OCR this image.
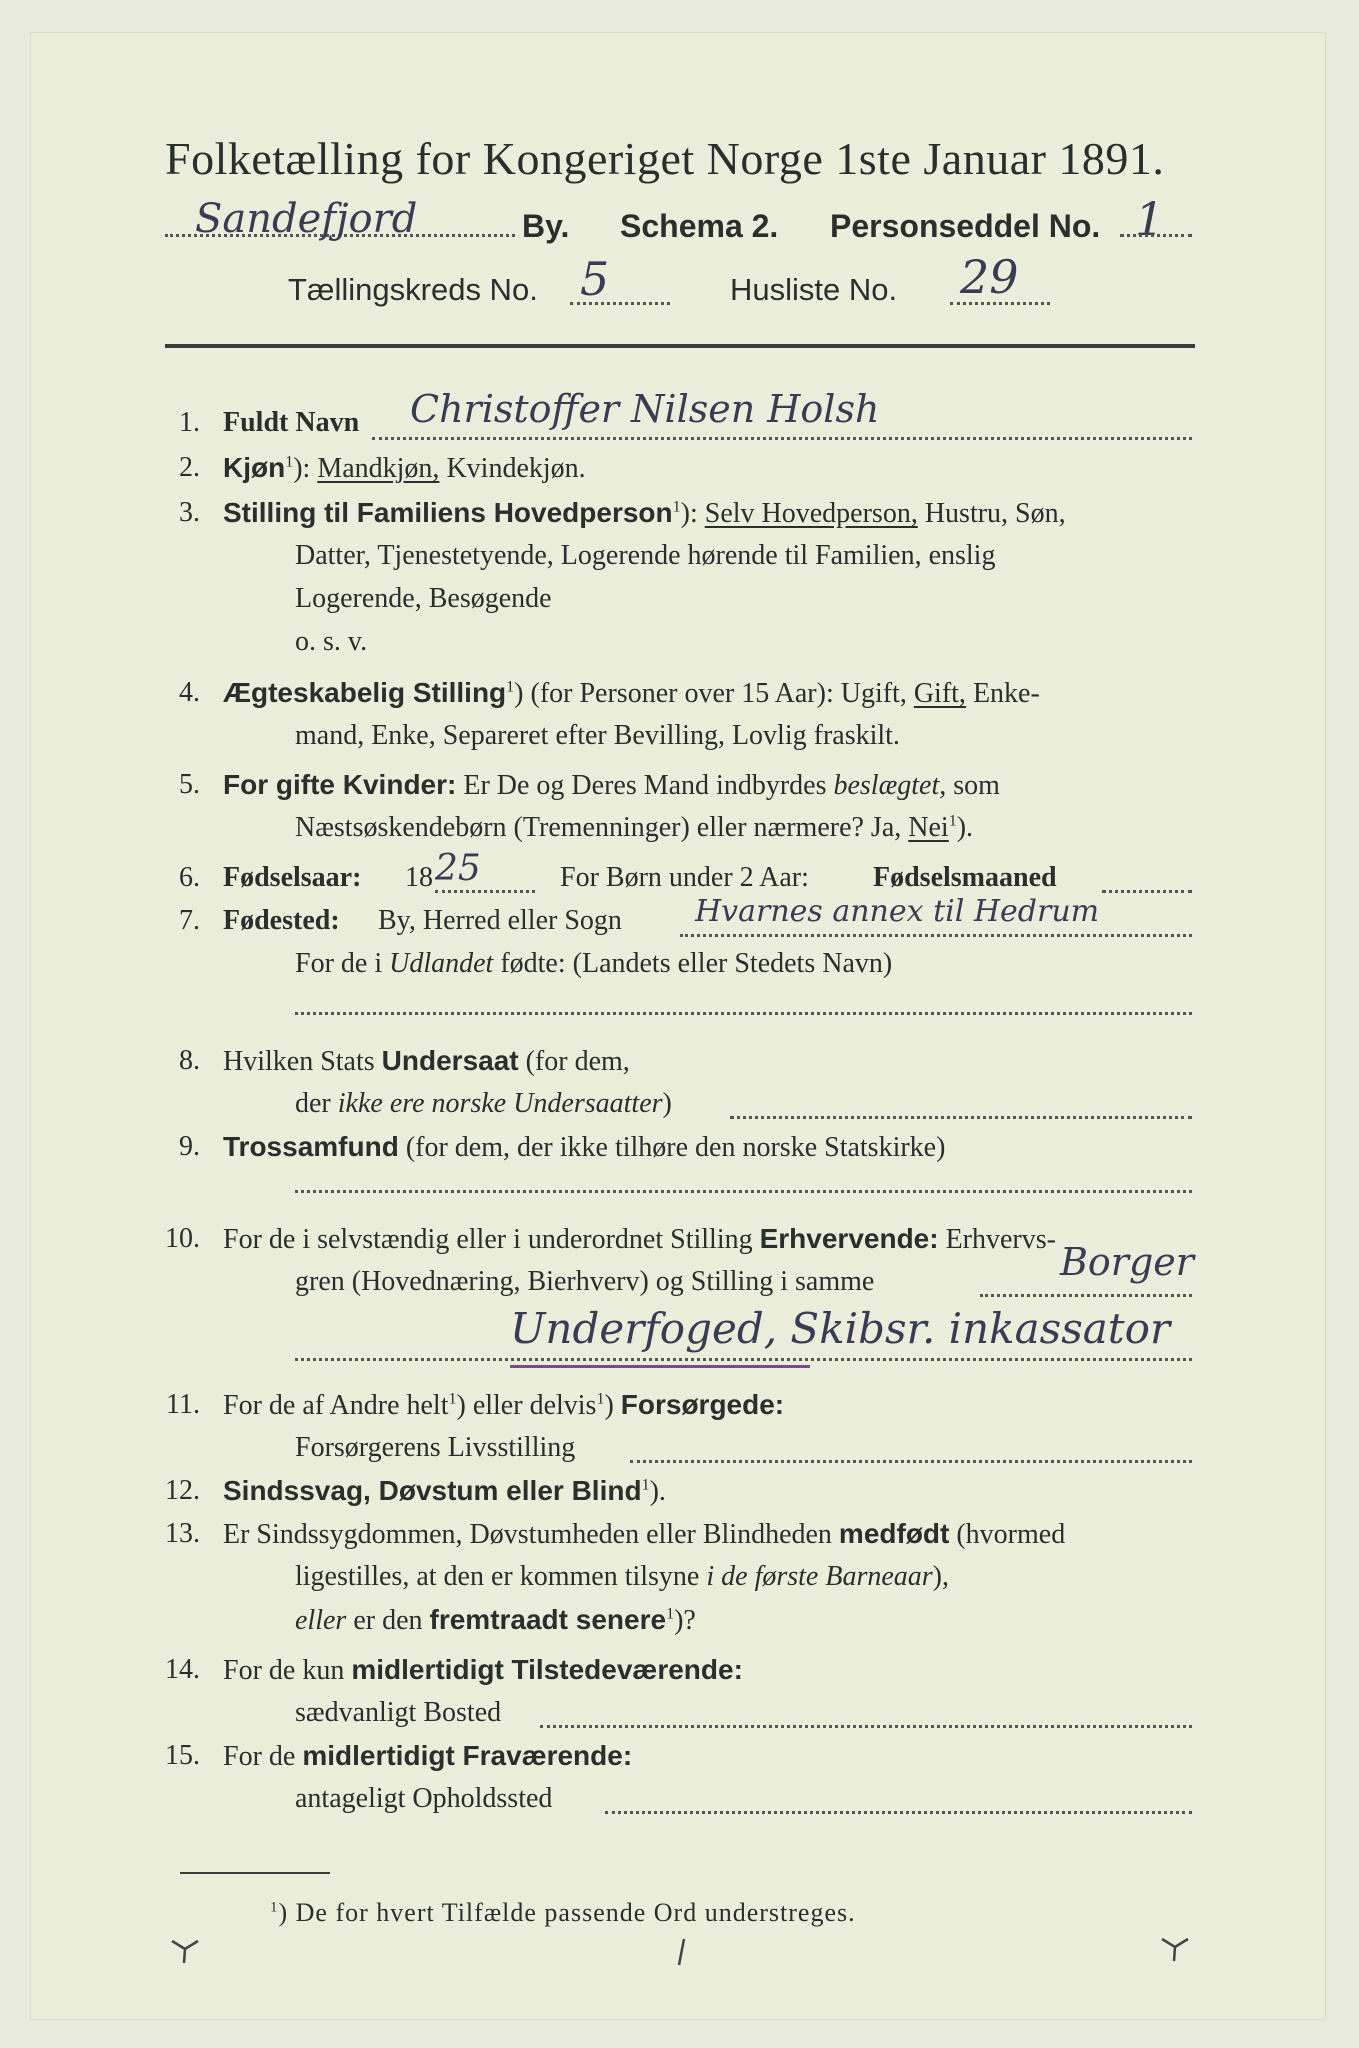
Folketælling for Kongeriget Norge 1ste Januar 1891.
Sandefjord	By. Schema 2. Personseddel No. 1
Tællingskreds No. 5	Husliste No. 29
1. Fuldt Navn Christoffer Nilsen Holsh
2. Kjøn$^1$): Mandkjøn, Kvindekjøn.
3. Stilling til Familiens Hovedperson$^1$): Selv Hovedperson, Hustru, Søn,
Datter, Tjenestetyende, Logerende hørende til Familien, enslig
Logerende, Besøgende
o. s. v.
4. Ægteskabelig Stilling$^1$) (for Personer over 15 Aar): Ugift, Gift, Enke-
mand, Enke, Separeret efter Bevilling, Lovlig fraskilt.
5. For gifte Kvinder: Er De og Deres Mand indbyrdes beslægtet, som
Næstsøskendebørn (Tremenninger) eller nærmere? Ja, Nei$^1$).
6. Fødselsaar: 18 25	For Børn under 2 Aar: Fødselsmaaned
7. Fødested: By, Herred eller Sogn Hvarnes annex til Hedrum
For de i Udlandet fødte: (Landets eller Stedets Navn)
8. Hvilken Stats Undersaat (for dem,
der ikke ere norske Undersaatter)
9. Trossamfund (for dem, der ikke tilhøre den norske Statskirke)
10. For de i selvstændig eller i underordnet Stilling Erhvervende: Erhvervs-
gren (Hovednæring, Bierhverv) og Stilling i samme	Borger
Underfoged, Skibsr. inkassator
11. For de af Andre helt$^1$) eller delvis$^1$) Forsørgede:
Forsørgerens Livsstilling
12. Sindssvag, Døvstum eller Blind$^1$).
13. Er Sindssygdommen, Døvstumheden eller Blindheden medfødt (hvormed
ligestilles, at den er kommen tilsyne i de første Barneaar),
eller er den fremtraadt senere$^1$)?
14. For de kun midlertidigt Tilstedeværende:
sædvanligt Bosted
15. For de midlertidigt Fraværende:
antageligt Opholdssted
$^1$) De for hvert Tilfælde passende Ord understreges.
